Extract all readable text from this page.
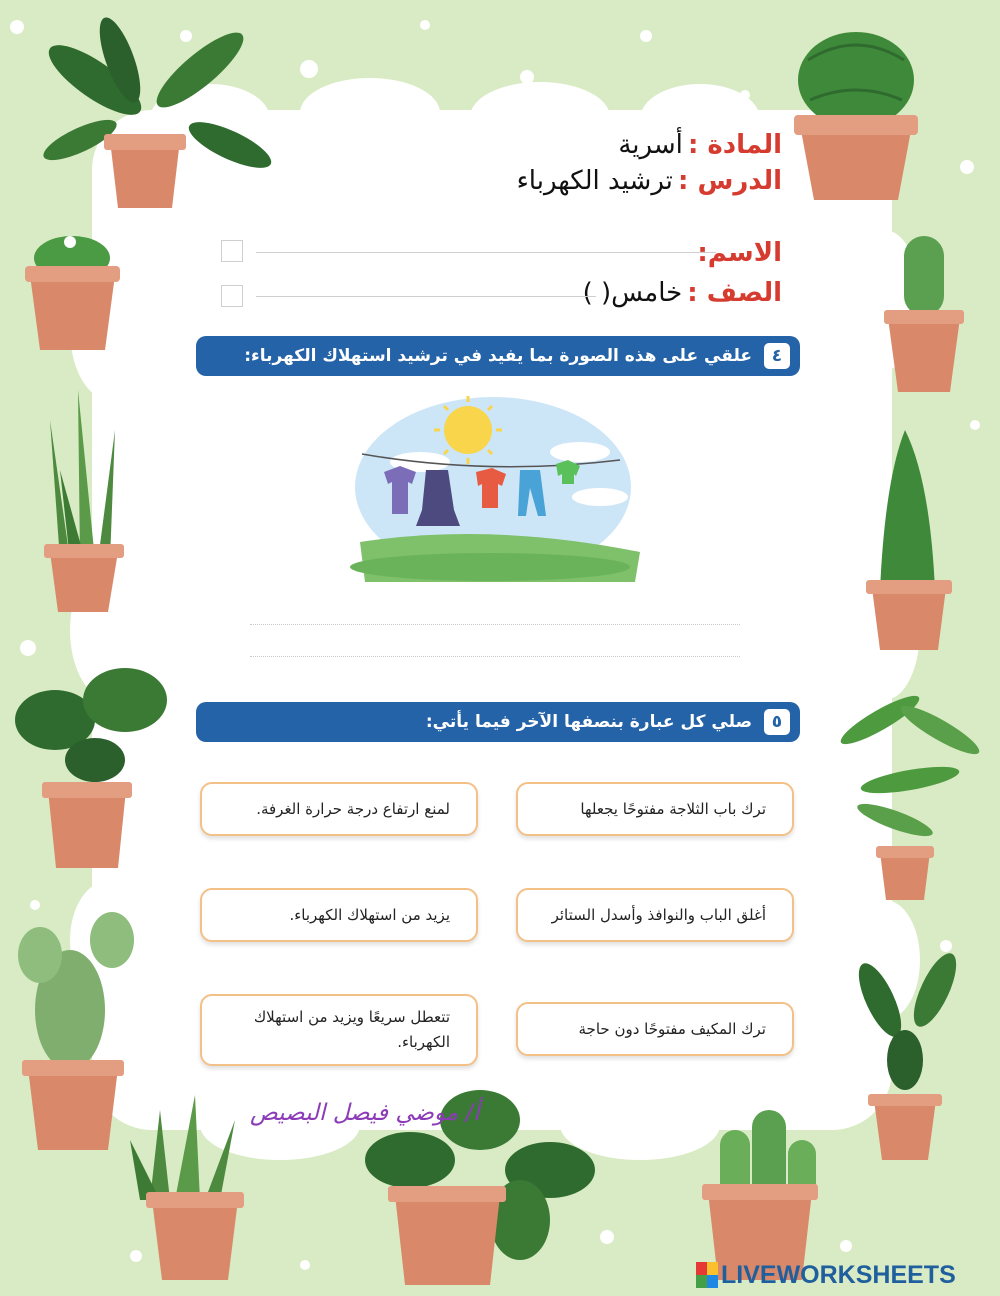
المادة : أسرية
الدرس : ترشيد الكهرباء
الاسم:
الصف : خامس( )
٤
علقي على هذه الصورة بما يفيد في ترشيد استهلاك الكهرباء:
٥
صلي كل عبارة بنصفها الآخر فيما يأتي:
ترك باب الثلاجة مفتوحًا يجعلها
أغلق الباب والنوافذ وأسدل الستائر
ترك المكيف مفتوحًا دون حاجة
لمنع ارتفاع درجة حرارة الغرفة.
يزيد من استهلاك الكهرباء.
تتعطل سريعًا ويزيد من استهلاك الكهرباء.
أ/ موضي فيصل البصيص
LIVEWORKSHEETS
